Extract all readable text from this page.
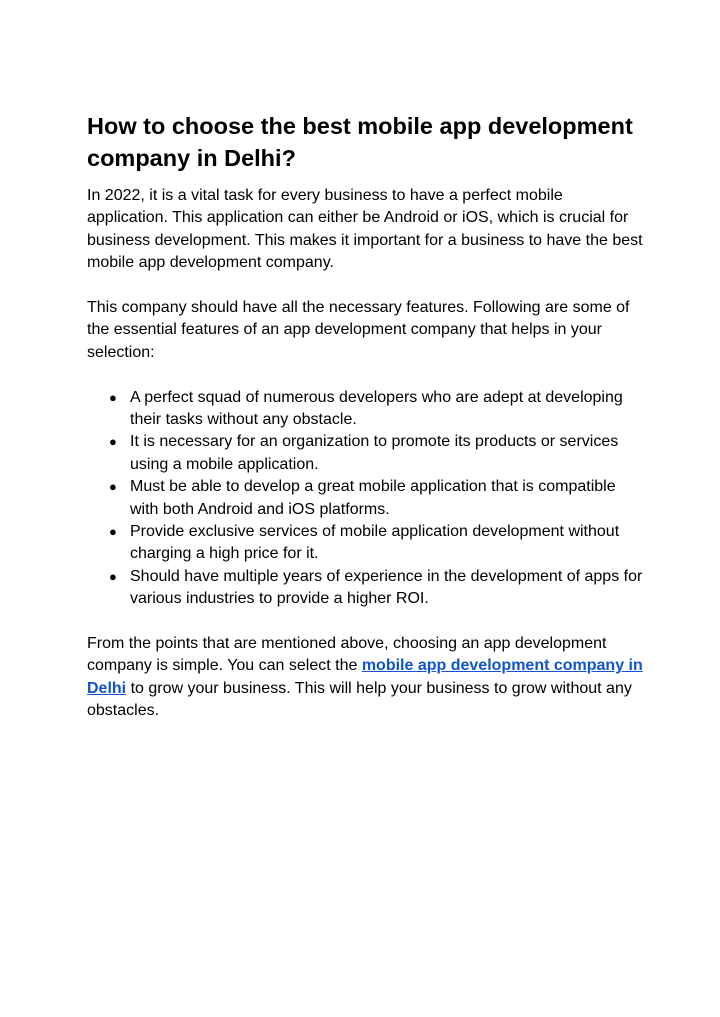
How to choose the best mobile app development company in Delhi?

In 2022, it is a vital task for every business to have a perfect mobile application. This application can either be Android or iOS, which is crucial for business development. This makes it important for a business to have the best mobile app development company.

This company should have all the necessary features. Following are some of the essential features of an app development company that helps in your selection:

● A perfect squad of numerous developers who are adept at developing their tasks without any obstacle.
● It is necessary for an organization to promote its products or services using a mobile application.
● Must be able to develop a great mobile application that is compatible with both Android and iOS platforms.
● Provide exclusive services of mobile application development without charging a high price for it.
● Should have multiple years of experience in the development of apps for various industries to provide a higher ROI.

From the points that are mentioned above, choosing an app development company is simple. You can select the mobile app development company in Delhi to grow your business. This will help your business to grow without any obstacles.
